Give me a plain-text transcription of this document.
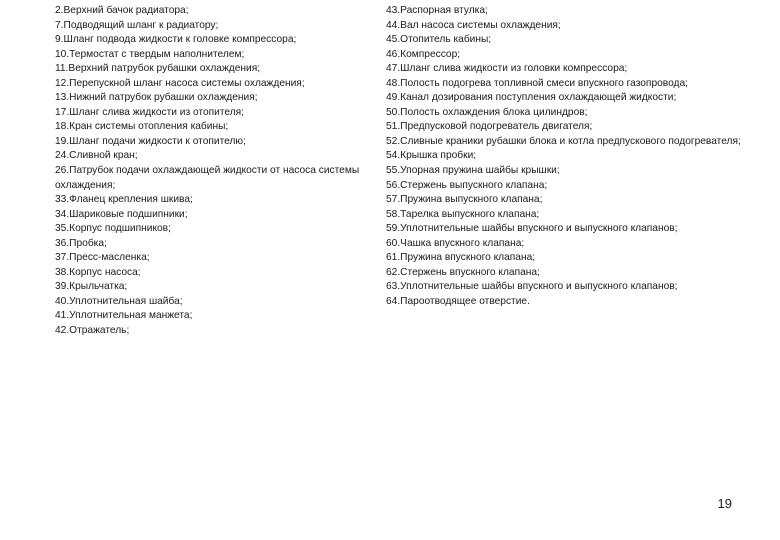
2.Верхний бачок радиатора;
7.Подводящий шланг к радиатору;
9.Шланг подвода жидкости к головке компрессора;
10.Термостат с твердым наполнителем;
11.Верхний патрубок рубашки охлаждения;
12.Перепускной шланг насоса системы охлаждения;
13.Нижний патрубок рубашки охлаждения;
17.Шланг слива жидкости из отопителя;
18.Кран системы отопления кабины;
19.Шланг подачи жидкости к отопителю;
24.Сливной кран;
26.Патрубок подачи охлаждающей жидкости от насоса системы охлаждения;
33.Фланец крепления шкива;
34.Шариковые подшипники;
35.Корпус подшипников;
36.Пробка;
37.Пресс-масленка;
38.Корпус насоса;
39.Крыльчатка;
40.Уплотнительная шайба;
41.Уплотнительная манжета;
42.Отражатель;
43.Распорная втулка;
44.Вал насоса системы охлаждения;
45.Отопитель кабины;
46.Компрессор;
47.Шланг слива жидкости из головки компрессора;
48.Полость подогрева топливной смеси впускного газопровода;
49.Канал дозирования поступления охлаждающей жидкости;
50.Полость охлаждения блока цилиндров;
51.Предпусковой подогреватель двигателя;
52.Сливные краники рубашки блока и котла предпускового подогревателя;
54.Крышка пробки;
55.Упорная пружина шайбы крышки;
56.Стержень выпускного клапана;
57.Пружина выпускного клапана;
58.Тарелка выпускного клапана;
59.Уплотнительные шайбы впускного и выпускного клапанов;
60.Чашка впускного клапана;
61.Пружина впускного клапана;
62.Стержень впускного клапана;
63.Уплотнительные шайбы впускного и выпускного клапанов;
64.Пароотводящее отверстие.
19
